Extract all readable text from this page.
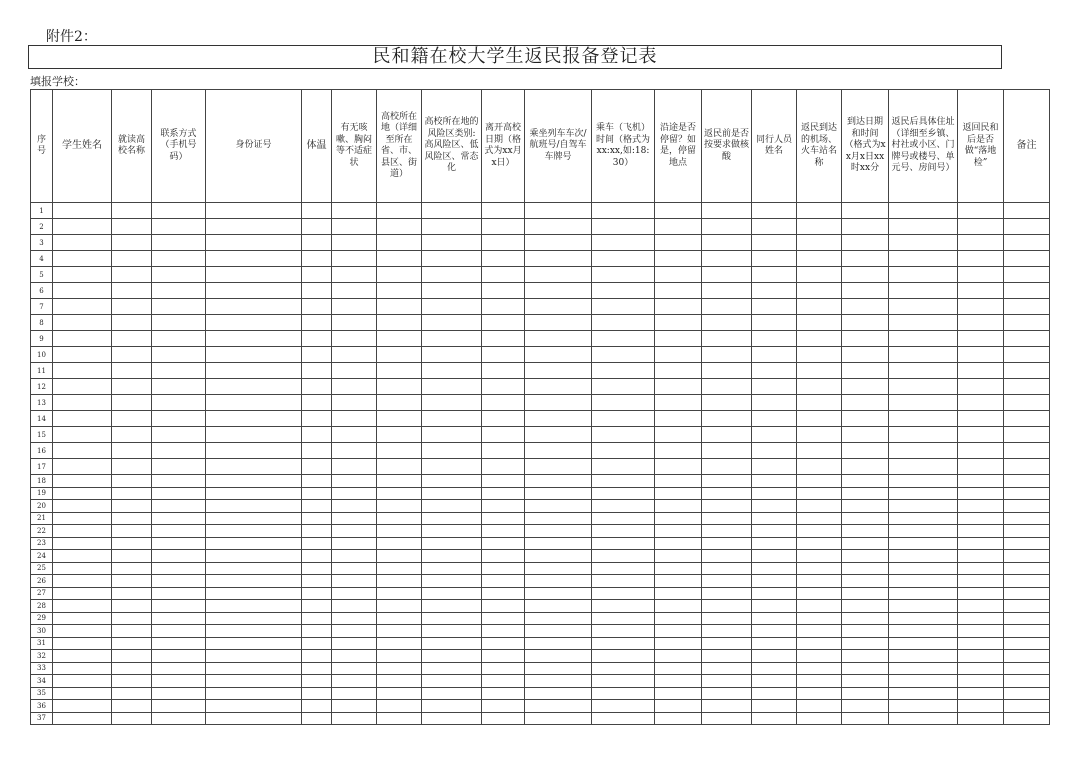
附件2：
民和籍在校大学生返民报备登记表
填报学校：
序号	学生姓名	就读高校名称	联系方式（手机号码）	身份证号	体温	有无咳嗽、胸闷等不适症状	高校所在地（详细至所在省、市、县区、街道）	高校所在地的风险区类别:高风险区、低风险区、常态化	离开高校日期（格式为xx月x日）	乘坐列车车次/航班号/自驾车车牌号	乘车（飞机）时间（格式为xx:xx,如:18:30）	沿途是否停留？如是，停留地点	返民前是否按要求做核酸	同行人员姓名	返民到达的机场、火车站名称	到达日期和时间（格式为xx月x日xx时xx分	返民后具体住址（详细至乡镇、村社或小区、门牌号或楼号、单元号、房间号）	返回民和后是否做“落地检”	备注

1																			
2																			
3																			
4																			
5																			
6																			
7																			
8																			
9																			
10																			
11																			
12																			
13																			
14																			
15																			
16																			
17																			
18																			
19																			
20																			
21																			
22																			
23																			
24																			
25																			
26																			
27																			
28																			
29																			
30																			
31																			
32																			
33																			
34																			
35																			
36																			
37																			
